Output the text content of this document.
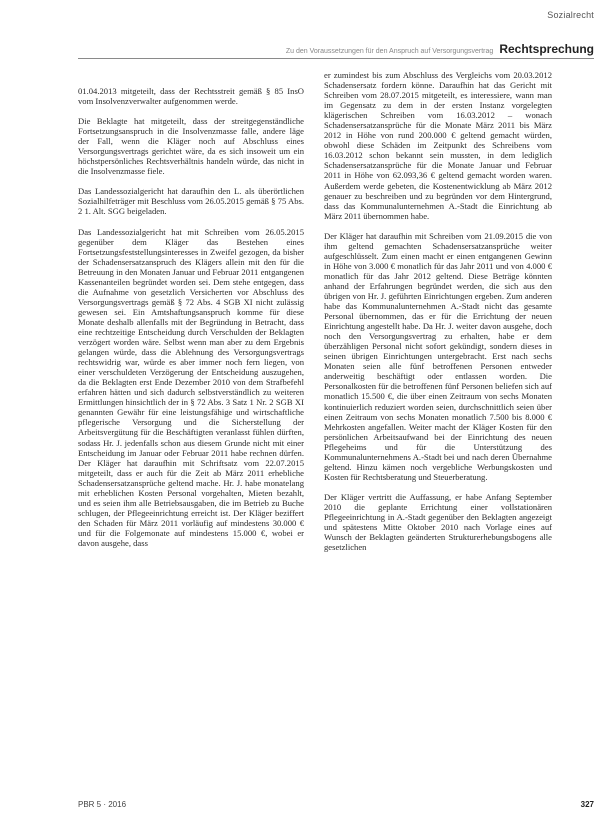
Sozialrecht
Zu den Voraussetzungen für den Anspruch auf Versorgungsvertrag Rechtsprechung

01.04.2013 mitgeteilt, dass der Rechtsstreit gemäß § 85 InsO vom Insolvenzverwalter aufgenommen werde.

Die Beklagte hat mitgeteilt, dass der streitgegenständliche Fortsetzungsanspruch in die Insolvenzmasse falle, andere läge der Fall, wenn die Kläger noch auf Abschluss eines Versorgungsvertrags gerichtet wäre, da es sich insoweit um ein höchstpersönliches Rechtsverhältnis handeln würde, das nicht in die Insolvenzmasse fiele.

Das Landessozialgericht hat daraufhin den L. als überörtlichen Sozialhilfeträger mit Beschluss vom 26.05.2015 gemäß § 75 Abs. 2 1. Alt. SGG beigeladen.

Das Landessozialgericht hat mit Schreiben vom 26.05.2015 gegenüber dem Kläger das Bestehen eines Fortsetzungsfeststellungsinteresses in Zweifel gezogen, da bisher der Schadensersatzanspruch des Klägers allein mit den für die Betreuung in den Monaten Januar und Februar 2011 entgangenen Kassenanteilen begründet worden sei. Dem stehe entgegen, dass die Aufnahme von gesetzlich Versicherten vor Abschluss des Versorgungsvertrags gemäß § 72 Abs. 4 SGB XI nicht zulässig gewesen sei. Ein Amtshaftungsanspruch komme für diese Monate deshalb allenfalls mit der Begründung in Betracht, dass eine rechtzeitige Entscheidung durch Verschulden der Beklagten verzögert worden wäre. Selbst wenn man aber zu dem Ergebnis gelangen würde, dass die Ablehnung des Versorgungsvertrags rechtswidrig war, würde es aber immer noch fern liegen, von einer verschuldeten Verzögerung der Entscheidung auszugehen, da die Beklagten erst Ende Dezember 2010 von dem Strafbefehl erfahren hätten und sich dadurch selbstverständlich zu weiteren Ermittlungen hinsichtlich der in § 72 Abs. 3 Satz 1 Nr. 2 SGB XI genannten Gewähr für eine leistungsfähige und wirtschaftliche pflegerische Versorgung und die Sicherstellung der Arbeitsvergütung für die Beschäftigten veranlasst fühlen dürften, sodass Hr. J. jedenfalls schon aus diesem Grunde nicht mit einer Entscheidung im Januar oder Februar 2011 habe rechnen dürfen. Der Kläger hat daraufhin mit Schriftsatz vom 22.07.2015 mitgeteilt, dass er auch für die Zeit ab März 2011 erhebliche Schadensersatzansprüche geltend mache. Hr. J. habe monatelang mit erheblichen Kosten Personal vorgehalten, Mieten bezahlt, und es seien ihm alle Betriebsausgaben, die im Betrieb zu Buche schlugen, der Pflegeeinrichtung erreicht ist. Der Kläger beziffert den Schaden für März 2011 vorläufig auf mindestens 30.000 € und für die Folgemonate auf mindestens 15.000 €, wobei er davon ausgehe, dass

er zumindest bis zum Abschluss des Vergleichs vom 20.03.2012 Schadensersatz fordern könne. Daraufhin hat das Gericht mit Schreiben vom 28.07.2015 mitgeteilt, es interessiere, wann man im Gegensatz zu dem in der ersten Instanz vorgelegten klägerischen Schreiben vom 16.03.2012 – wonach Schadensersatzansprüche für die Monate März 2011 bis März 2012 in Höhe von rund 200.000 € geltend gemacht würden, obwohl diese Schäden im Zeitpunkt des Schreibens vom 16.03.2012 schon bekannt sein mussten, in dem lediglich Schadensersatzansprüche für die Monate Januar und Februar 2011 in Höhe von 62.093,36 € geltend gemacht worden waren. Außerdem werde gebeten, die Kostenentwicklung ab März 2012 genauer zu beschreiben und zu begründen vor dem Hintergrund, dass das Kommunalunternehmen A.-Stadt die Einrichtung ab März 2011 übernommen habe.

Der Kläger hat daraufhin mit Schreiben vom 21.09.2015 die von ihm geltend gemachten Schadensersatzansprüche weiter aufgeschlüsselt. Zum einen macht er einen entgangenen Gewinn in Höhe von 3.000 € monatlich für das Jahr 2011 und von 4.000 € monatlich für das Jahr 2012 geltend. Diese Beträge könnten anhand der Erfahrungen begründet werden, die sich aus den übrigen von Hr. J. geführten Einrichtungen ergeben. Zum anderen habe das Kommunalunternehmen A.-Stadt nicht das gesamte Personal übernommen, das er für die Errichtung der neuen Einrichtung angestellt habe. Da Hr. J. weiter davon ausgehe, doch noch den Versorgungsvertrag zu erhalten, habe er dem überzähligen Personal nicht sofort gekündigt, sondern dieses in seinen übrigen Einrichtungen untergebracht. Erst nach sechs Monaten seien alle fünf betroffenen Personen entweder anderweitig beschäftigt oder entlassen worden. Die Personalkosten für die betroffenen fünf Personen beliefen sich auf monatlich 15.500 €, die über einen Zeitraum von sechs Monaten kontinuierlich reduziert worden seien, durchschnittlich seien über einen Zeitraum von sechs Monaten monatlich 7.500 bis 8.000 € Mehrkosten angefallen. Weiter macht der Kläger Kosten für den persönlichen Arbeitsaufwand bei der Einrichtung des neuen Pflegeheims und für die Unterstützung des Kommunalunternehmens A.-Stadt bei und nach deren Übernahme geltend. Hinzu kämen noch vergebliche Werbungskosten und Kosten für Rechtsberatung und Steuerberatung.

Der Kläger vertritt die Auffassung, er habe Anfang September 2010 die geplante Errichtung einer vollstationären Pflegeeinrichtung in A.-Stadt gegenüber den Beklagten angezeigt und spätestens Mitte Oktober 2010 nach Vorlage eines auf Wunsch der Beklagten geänderten Strukturerhebungsbogens alle gesetzlichen

PBR 5 · 2016	327
